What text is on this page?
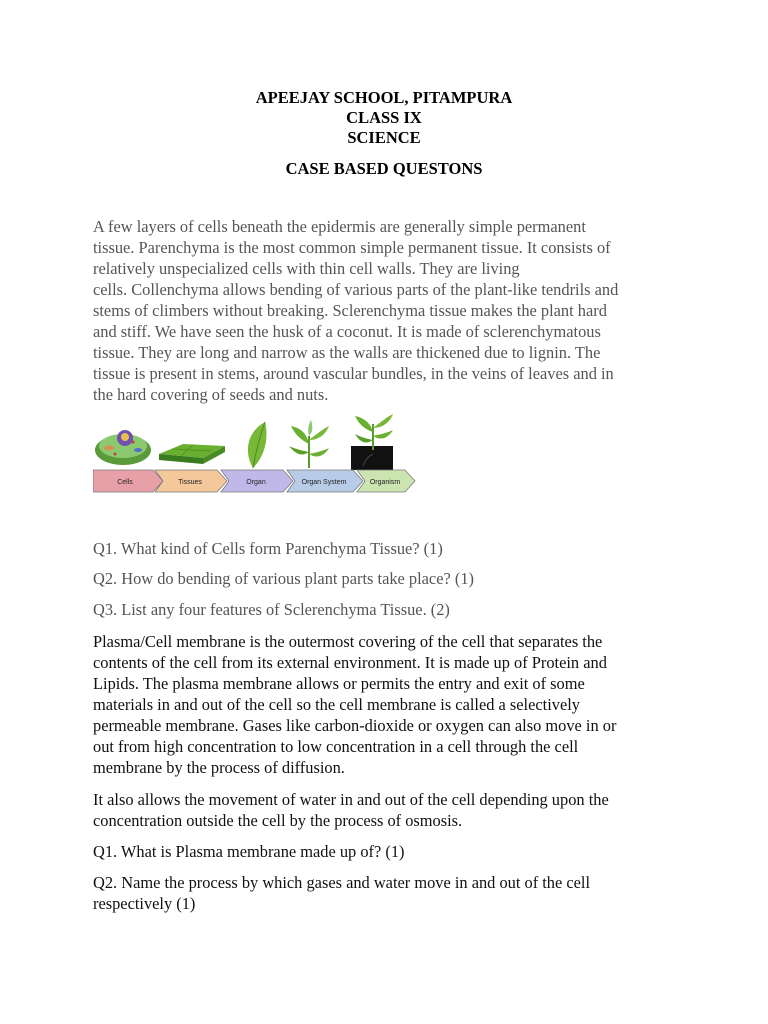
APEEJAY SCHOOL, PITAMPURA
CLASS IX
SCIENCE
CASE BASED QUESTONS
A few layers of cells beneath the epidermis are generally simple permanent
tissue. Parenchyma is the most common simple permanent tissue. It consists of
relatively unspecialized cells with thin cell walls. They are living
cells. Collenchyma allows bending of various parts of the plant-like tendrils and
stems of climbers without breaking. Sclerenchyma tissue makes the plant hard
and stiff. We have seen the husk of a coconut. It is made of sclerenchymatous
tissue. They are long and narrow as the walls are thickened due to lignin. The
tissue is present in stems, around vascular bundles, in the veins of leaves and in
the hard covering of seeds and nuts.
Cells	Tissues	Organ	Organ System	Organism
Q1. What kind of Cells form Parenchyma Tissue? (1)
Q2. How do bending of various plant parts take place? (1)
Q3. List any four features of Sclerenchyma Tissue. (2)
Plasma/Cell membrane is the outermost covering of the cell that separates the
contents of the cell from its external environment. It is made up of Protein and
Lipids. The plasma membrane allows or permits the entry and exit of some
materials in and out of the cell so the cell membrane is called a selectively
permeable membrane. Gases like carbon-dioxide or oxygen can also move in or
out from high concentration to low concentration in a cell through the cell
membrane by the process of diffusion.
It also allows the movement of water in and out of the cell depending upon the
concentration outside the cell by the process of osmosis.
Q1. What is Plasma membrane made up of? (1)
Q2. Name the process by which gases and water move in and out of the cell
respectively (1)
